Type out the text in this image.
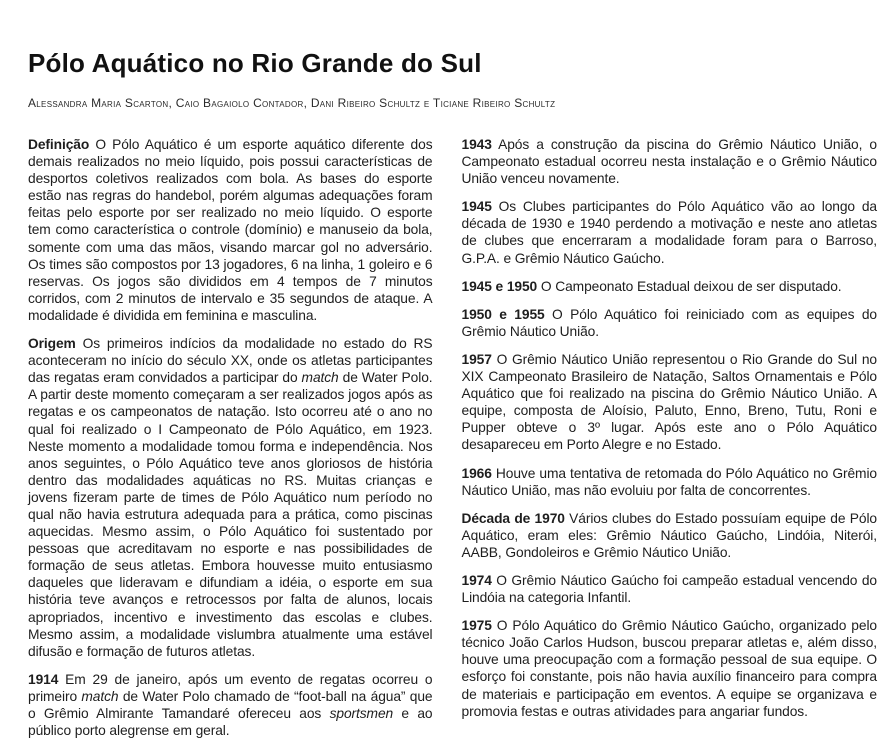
Pólo Aquático no Rio Grande do Sul

Alessandra Maria Scarton, Caio Bagaiolo Contador, Dani Ribeiro Schultz e Ticiane Ribeiro Schultz

Definição O Pólo Aquático é um esporte aquático diferente dos demais realizados no meio líquido, pois possui características de desportos coletivos realizados com bola. As bases do esporte estão nas regras do handebol, porém algumas adequações foram feitas pelo esporte por ser realizado no meio líquido. O esporte tem como característica o controle (domínio) e manuseio da bola, somente com uma das mãos, visando marcar gol no adversário. Os times são compostos por 13 jogadores, 6 na linha, 1 goleiro e 6 reservas. Os jogos são divididos em 4 tempos de 7 minutos corridos, com 2 minutos de intervalo e 35 segundos de ataque. A modalidade é dividida em feminina e masculina.

Origem Os primeiros indícios da modalidade no estado do RS aconteceram no início do século XX, onde os atletas participantes das regatas eram convidados a participar do match de Water Polo. A partir deste momento começaram a ser realizados jogos após as regatas e os campeonatos de natação. Isto ocorreu até o ano no qual foi realizado o I Campeonato de Pólo Aquático, em 1923. Neste momento a modalidade tomou forma e independência. Nos anos seguintes, o Pólo Aquático teve anos gloriosos de história dentro das modalidades aquáticas no RS. Muitas crianças e jovens fizeram parte de times de Pólo Aquático num período no qual não havia estrutura adequada para a prática, como piscinas aquecidas. Mesmo assim, o Pólo Aquático foi sustentado por pessoas que acreditavam no esporte e nas possibilidades de formação de seus atletas. Embora houvesse muito entusiasmo daqueles que lideravam e difundiam a idéia, o esporte em sua história teve avanços e retrocessos por falta de alunos, locais apropriados, incentivo e investimento das escolas e clubes. Mesmo assim, a modalidade vislumbra atualmente uma estável difusão e formação de futuros atletas.

1914 Em 29 de janeiro, após um evento de regatas ocorreu o primeiro match de Water Polo chamado de “foot-ball na água” que o Grêmio Almirante Tamandaré ofereceu aos sportsmen e ao público porto alegrense em geral.

1943 Após a construção da piscina do Grêmio Náutico União, o Campeonato estadual ocorreu nesta instalação e o Grêmio Náutico União venceu novamente.

1945 Os Clubes participantes do Pólo Aquático vão ao longo da década de 1930 e 1940 perdendo a motivação e neste ano atletas de clubes que encerraram a modalidade foram para o Barroso, G.P.A. e Grêmio Náutico Gaúcho.

1945 e 1950 O Campeonato Estadual deixou de ser disputado.

1950 e 1955 O Pólo Aquático foi reiniciado com as equipes do Grêmio Náutico União.

1957 O Grêmio Náutico União representou o Rio Grande do Sul no XIX Campeonato Brasileiro de Natação, Saltos Ornamentais e Pólo Aquático que foi realizado na piscina do Grêmio Náutico União. A equipe, composta de Aloísio, Paluto, Enno, Breno, Tutu, Roni e Pupper obteve o 3º lugar. Após este ano o Pólo Aquático desapareceu em Porto Alegre e no Estado.

1966 Houve uma tentativa de retomada do Pólo Aquático no Grêmio Náutico União, mas não evoluiu por falta de concorrentes.

Década de 1970 Vários clubes do Estado possuíam equipe de Pólo Aquático, eram eles: Grêmio Náutico Gaúcho, Lindóia, Niterói, AABB, Gondoleiros e Grêmio Náutico União.

1974 O Grêmio Náutico Gaúcho foi campeão estadual vencendo do Lindóia na categoria Infantil.

1975 O Pólo Aquático do Grêmio Náutico Gaúcho, organizado pelo técnico João Carlos Hudson, buscou preparar atletas e, além disso, houve uma preocupação com a formação pessoal de sua equipe. O esforço foi constante, pois não havia auxílio financeiro para compra de materiais e participação em eventos. A equipe se organizava e promovia festas e outras atividades para angariar fundos.
